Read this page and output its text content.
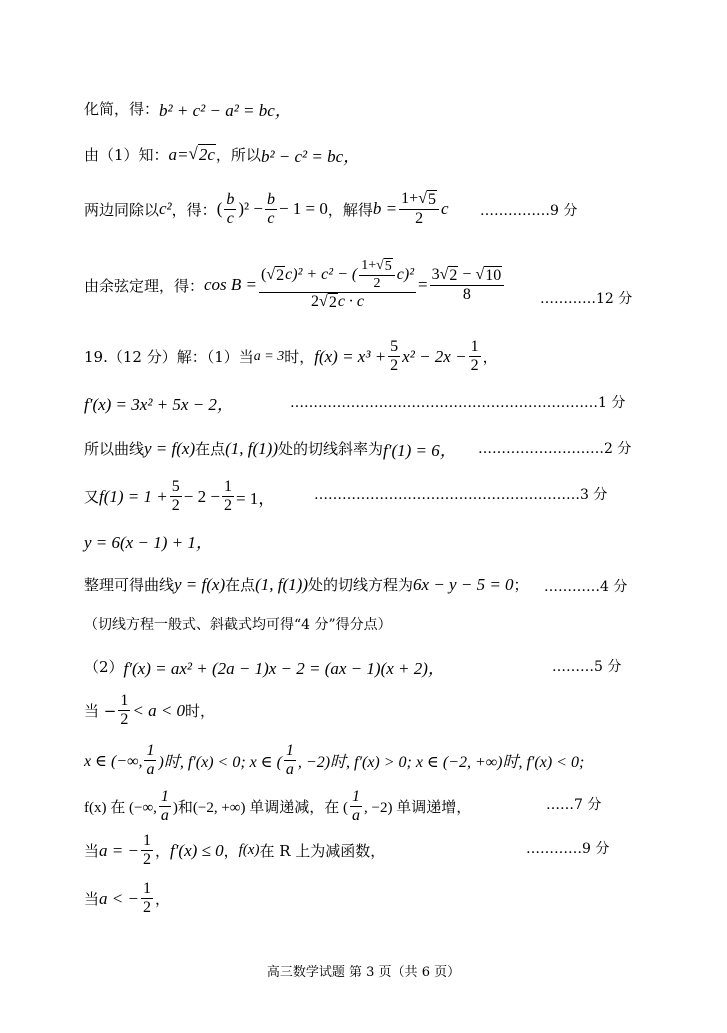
化简，得： b² + c² − a² = bc，
由（1）知： a= √ 2c ，所以 b² − c² = bc，
两边同除以 c² ，得： ( $\frac{b}{c} )^2 - \frac{b}{c} - 1 = 0$ ，解得 $b = \frac{1+√ 5}{2}$ c ……………9 分
由余弦定理，得： $\cos B = \frac{(√ 2 c)^2 + c^2 - ( \frac{1+√ 5}{2} c)^2}{2√ 2 c \cdot c} = \frac{3√ 2 - √ 10}{8}$	…………12 分
19.（12 分）解：（1）当 a = 3 时， $f(x) = x^3 + \frac{5}{2} x^2 - 2x - \frac{1}{2}$ ，
f′(x) = 3x² + 5x − 2，	…………………………………………………………1 分
所以曲线 y = f(x) 在点 (1, f(1)) 处的切线斜率为 f′(1) = 6， ………………………2 分
又 $f(1) = 1 + \frac{5}{2} - 2 - \frac{1}{2} = 1$，	…………………………………………………3 分
y = 6(x − 1) + 1，
整理可得曲线 y = f(x) 在点 (1, f(1)) 处的切线方程为 6x − y − 5 = 0 ； …………4 分
（切线方程一般式、斜截式均可得“4 分”得分点）
（2） f′(x) = ax² + (2a − 1)x − 2 = (ax − 1)(x + 2)，	………5 分
当 − $\frac{1}{2} < a < 0$ 时，
x ∈ (−∞, $\frac{1}{a}$ )时, f′(x) < 0; x ∈ ( $\frac{1}{a}$ , −2)时, f′(x) > 0; x ∈ (−2, +∞)时, f′(x) < 0;
f(x) 在 (−∞, $\frac{1}{a}$ )和(−2, +∞) 单调递减，在 ( $\frac{1}{a}$ , −2) 单调递增，	……7 分
当 a = − $\frac{1}{2}$ ， f′(x) ≤ 0 ， f(x) 在 R 上为减函数，	…………9 分
当 a < − $\frac{1}{2}$ ，
高三数学试题 第 3 页（共 6 页）
